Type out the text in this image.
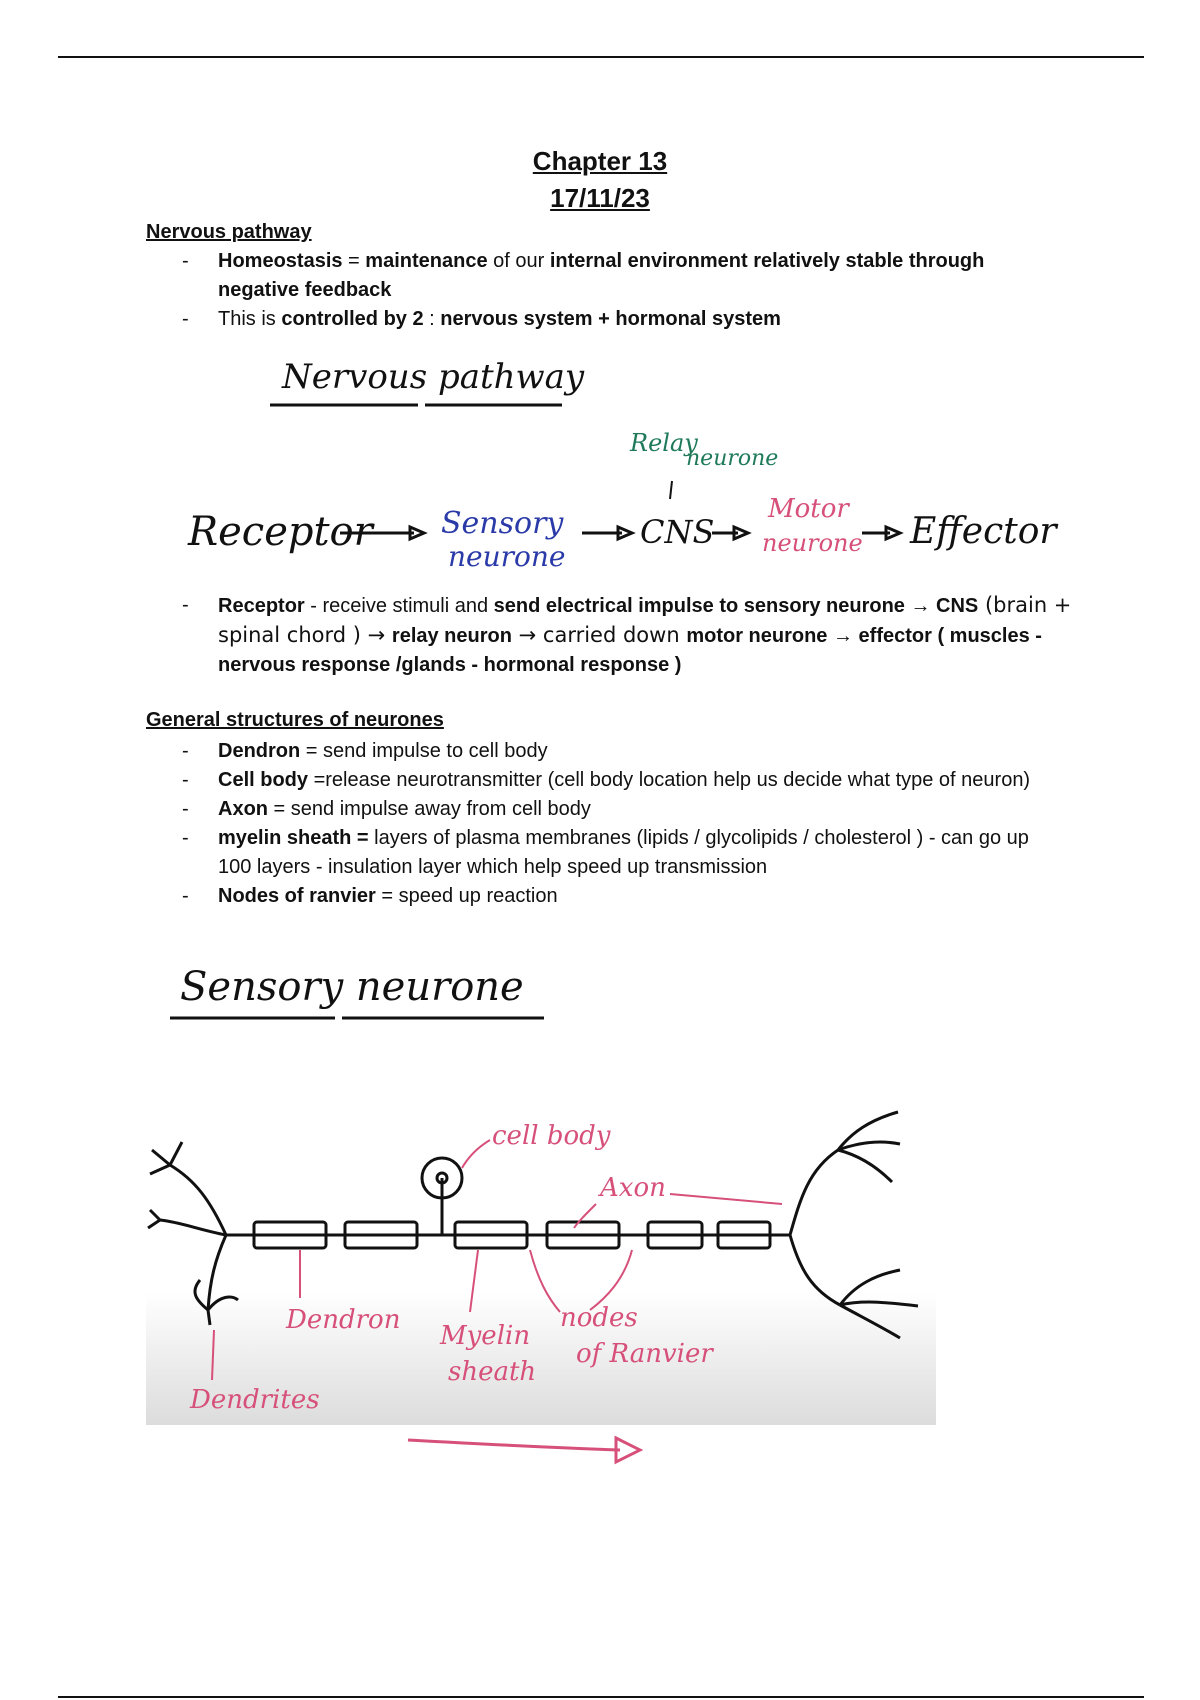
Chapter 13
17/11/23
Nervous pathway
- Homeostasis = maintenance of our internal environment relatively stable through negative feedback
- This is controlled by 2 : nervous system + hormonal system
Nervous pathway
Relay
neurone
Receptor Sensory
neurone
CNS
Motor
neurone Effector
- Receptor - receive stimuli and send electrical impulse to sensory neurone → CNS (brain + spinal chord ) → relay neuron → carried down motor neurone → effector ( muscles - nervous response /glands - hormonal response )
General structures of neurones
- Dendron = send impulse to cell body
- Cell body =release neurotransmitter (cell body location help us decide what type of neuron)
- Axon = send impulse away from cell body
- myelin sheath = layers of plasma membranes (lipids / glycolipids / cholesterol ) - can go up 100 layers - insulation layer which help speed up transmission
- Nodes of ranvier = speed up reaction
Sensory neurone
cell body
Axon
Dendron
Myelin
sheath
nodes
of Ranvier
Dendrites
